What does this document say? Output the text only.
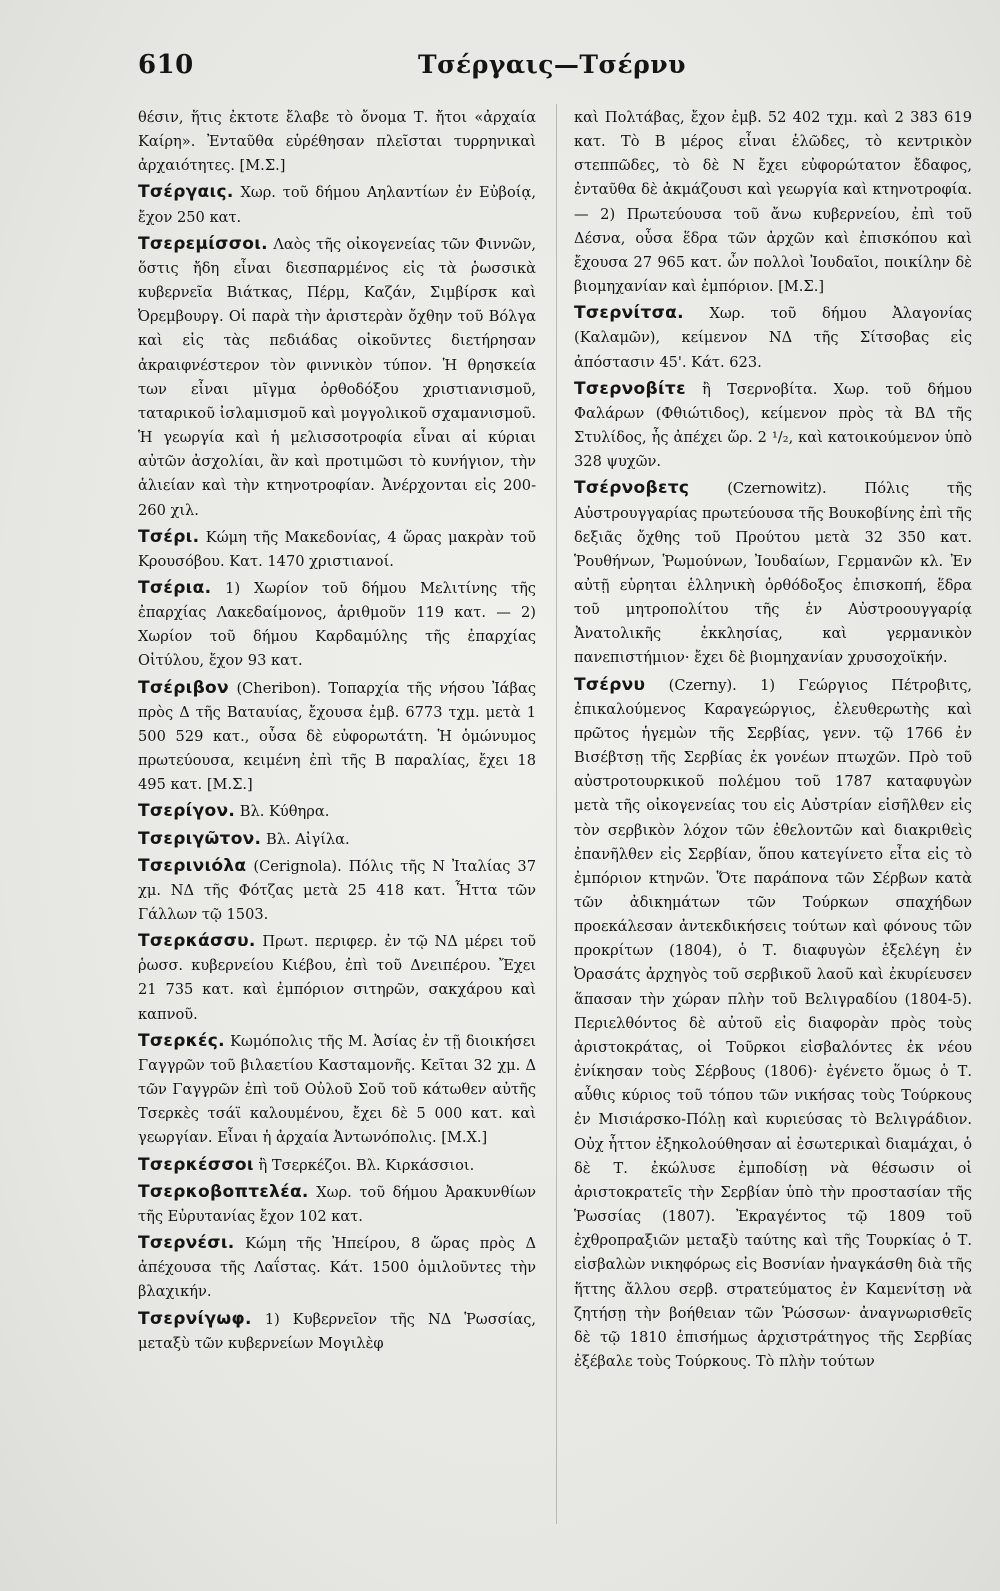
610	Τσέργαις—Τσέρνυ

θέσιν, ἥτις ἐκτοτε ἔλαβε τὸ ὄνομα Τ. ἤτοι «ἀρχαία Καίρη». Ἐνταῦθα εὑρέθησαν πλεῖσται τυρρηνικαὶ ἀρχαιότητες. [Μ.Σ.]

Τσέργαις. Χωρ. τοῦ δήμου Αηλαντίων ἐν Εὐβοίᾳ, ἔχον 250 κατ.

Τσερεμίσσοι. Λαὸς τῆς οἰκογενείας τῶν Φιννῶν, ὅστις ἤδη εἶναι διεσπαρμένος εἰς τὰ ῥωσσικὰ κυβερνεῖα Βιάτκας, Πέρμ, Καζάν, Σιμβίρσκ καὶ Ὀρεμβουργ. Οἱ παρὰ τὴν ἀριστερὰν ὄχθην τοῦ Βόλγα καὶ εἰς τὰς πεδιάδας οἰκοῦντες διετήρησαν ἀκραιφνέστερον τὸν φιννικὸν τύπον. Ἡ θρησκεία των εἶναι μῖγμα ὀρθοδόξου χριστιανισμοῦ, ταταρικοῦ ἰσλαμισμοῦ καὶ μογγολικοῦ σχαμανισμοῦ. Ἡ γεωργία καὶ ἡ μελισσοτροφία εἶναι αἱ κύριαι αὐτῶν ἀσχολίαι, ἂν καὶ προτιμῶσι τὸ κυνήγιον, τὴν ἁλιείαν καὶ τὴν κτηνοτροφίαν. Ἀνέρχονται εἰς 200-260 χιλ.

Τσέρι. Κώμη τῆς Μακεδονίας, 4 ὥρας μακρὰν τοῦ Κρουσόβου. Κατ. 1470 χριστιανοί.

Τσέρια. 1) Χωρίον τοῦ δήμου Μελιτίνης τῆς ἐπαρχίας Λακεδαίμονος, ἀριθμοῦν 119 κατ. — 2) Χωρίον τοῦ δήμου Καρδαμύλης τῆς ἐπαρχίας Οἰτύλου, ἔχον 93 κατ.

Τσέριβον (Cheribon). Τοπαρχία τῆς νήσου Ἰάβας πρὸς Δ τῆς Βαταυίας, ἔχουσα ἐμβ. 6773 τχμ. μετὰ 1 500 529 κατ., οὖσα δὲ εὐφορωτάτη. Ἡ ὁμώνυμος πρωτεύουσα, κειμένη ἐπὶ τῆς Β παραλίας, ἔχει 18 495 κατ. [Μ.Σ.]

Τσερίγον. Βλ. Κύθηρα.

Τσεριγῶτον. Βλ. Αἰγίλα.

Τσερινιόλα (Cerignola). Πόλις τῆς Ν Ἰταλίας 37 χμ. ΝΔ τῆς Φότζας μετὰ 25 418 κατ. Ἧττα τῶν Γάλλων τῷ 1503.

Τσερκάσσυ. Πρωτ. περιφερ. ἐν τῷ ΝΔ μέρει τοῦ ῥωσσ. κυβερνείου Κιέβου, ἐπὶ τοῦ Δνειπέρου. Ἔχει 21 735 κατ. καὶ ἐμπόριον σιτηρῶν, σακχάρου καὶ καπνοῦ.

Τσερκές. Κωμόπολις τῆς Μ. Ἀσίας ἐν τῇ διοικήσει Γαγγρῶν τοῦ βιλαετίου Κασταμονῆς. Κεῖται 32 χμ. Δ τῶν Γαγγρῶν ἐπὶ τοῦ Οὐλοῦ Σοῦ τοῦ κάτωθεν αὐτῆς Τσερκὲς τσάϊ καλουμένου, ἔχει δὲ 5 000 κατ. καὶ γεωργίαν. Εἶναι ἡ ἀρχαία Ἀντωνόπολις. [Μ.Χ.]

Τσερκέσσοι ἢ Τσερκέζοι. Βλ. Κιρκάσσιοι.

Τσερκοβοπτελέα. Χωρ. τοῦ δήμου Ἀρακυνθίων τῆς Εὐρυτανίας ἔχον 102 κατ.

Τσερνέσι. Κώμη τῆς Ἠπείρου, 8 ὥρας πρὸς Δ ἀπέχουσα τῆς Λαΐστας. Κάτ. 1500 ὁμιλοῦντες τὴν βλαχικήν.

Τσερνίγωφ. 1) Κυβερνεῖον τῆς ΝΔ Ῥωσσίας, μεταξὺ τῶν κυβερνείων Μογιλὲφ

καὶ Πολτάβας, ἔχον ἐμβ. 52 402 τχμ. καὶ 2 383 619 κατ. Τὸ Β μέρος εἶναι ἑλῶδες, τὸ κεντρικὸν στεππῶδες, τὸ δὲ Ν ἔχει εὐφορώτατον ἔδαφος, ἐνταῦθα δὲ ἀκμάζουσι καὶ γεωργία καὶ κτηνοτροφία. — 2) Πρωτεύουσα τοῦ ἄνω κυβερνείου, ἐπὶ τοῦ Δέσνα, οὖσα ἕδρα τῶν ἀρχῶν καὶ ἐπισκόπου καὶ ἔχουσα 27 965 κατ. ὧν πολλοὶ Ἰουδαῖοι, ποικίλην δὲ βιομηχανίαν καὶ ἐμπόριον. [Μ.Σ.]

Τσερνίτσα. Χωρ. τοῦ δήμου Ἀλαγονίας (Καλαμῶν), κείμενον ΝΔ τῆς Σίτσοβας εἰς ἀπόστασιν 45'. Κάτ. 623.

Τσερνοβίτε ἢ Τσερνοβίτα. Χωρ. τοῦ δήμου Φαλάρων (Φθιώτιδος), κείμενον πρὸς τὰ ΒΔ τῆς Στυλίδος, ἧς ἀπέχει ὥρ. 2 ¹/₂, καὶ κατοικούμενον ὑπὸ 328 ψυχῶν.

Τσέρνοβετς	(Czernowitz). Πόλις τῆς Αὐστρουγγαρίας πρωτεύουσα τῆς Βουκοβίνης ἐπὶ τῆς δεξιᾶς ὄχθης τοῦ Προύτου μετὰ 32 350 κατ. Ῥουθήνων, Ῥωμούνων, Ἰουδαίων, Γερμανῶν κλ. Ἐν αὐτῇ εὑρηται ἑλληνικὴ ὀρθόδοξος ἐπισκοπή, ἕδρα τοῦ μητροπολίτου τῆς ἐν Αὐστροουγγαρίᾳ Ἀνατολικῆς ἐκκλησίας, καὶ γερμανικὸν πανεπιστήμιον· ἔχει δὲ βιομηχανίαν χρυσοχοϊκήν.

Τσέρνυ (Czerny). 1) Γεώργιος Πέτροβιτς, ἐπικαλούμενος Καραγεώργιος, ἐλευθερωτὴς καὶ πρῶτος ἡγεμὼν τῆς Σερβίας, γενν. τῷ 1766 ἐν Βισέβτσῃ τῆς Σερβίας ἐκ γονέων πτωχῶν. Πρὸ τοῦ αὐστροτουρκικοῦ πολέμου τοῦ 1787 καταφυγὼν μετὰ τῆς οἰκογενείας του εἰς Αὐστρίαν εἰσῆλθεν εἰς τὸν σερβικὸν λόχον τῶν ἐθελοντῶν καὶ διακριθεὶς ἐπανῆλθεν εἰς Σερβίαν, ὅπου κατεγίνετο εἶτα εἰς τὸ ἐμπόριον κτηνῶν. Ὅτε παράπονα τῶν Σέρβων κατὰ τῶν ἀδικημάτων τῶν Τούρκων σπαχήδων προεκάλεσαν ἀντεκδικήσεις τούτων καὶ φόνους τῶν προκρίτων (1804), ὁ Τ. διαφυγὼν ἐξελέγη ἐν Ὀρασάτς ἀρχηγὸς τοῦ σερβικοῦ λαοῦ καὶ ἐκυρίευσεν ἅπασαν τὴν χώραν πλὴν τοῦ Βελιγραδίου (1804-5). Περιελθόντος δὲ αὐτοῦ εἰς διαφορὰν πρὸς τοὺς ἀριστοκράτας, οἱ Τοῦρκοι εἰσβαλόντες ἐκ νέου ἐνίκησαν τοὺς Σέρβους (1806)· ἐγένετο ὅμως ὁ Τ. αὖθις κύριος τοῦ τόπου τῶν νικήσας τοὺς Τούρκους ἐν Μισιάρσκο-Πόλῃ καὶ κυριεύσας τὸ Βελιγράδιον. Οὐχ ἧττον ἐξηκολούθησαν αἱ ἐσωτερικαὶ διαμάχαι, ὁ δὲ Τ. ἐκώλυσε ἐμποδίσῃ νὰ θέσωσιν οἱ ἀριστοκρατεῖς τὴν Σερβίαν ὑπὸ τὴν προστασίαν τῆς Ῥωσσίας (1807). Ἐκραγέντος τῷ 1809 τοῦ ἐχθροπραξιῶν μεταξὺ ταύτης καὶ τῆς Τουρκίας ὁ Τ. εἰσβαλὼν νικηφόρως εἰς Βοσνίαν ἠναγκάσθη διὰ τῆς ἥττης ἄλλου σερβ. στρατεύματος ἐν Καμενίτσῃ νὰ ζητήσῃ τὴν βοήθειαν τῶν Ῥώσσων· ἀναγνωρισθεῖς δὲ τῷ 1810 ἐπισήμως ἀρχιστράτηγος τῆς Σερβίας ἐξέβαλε τοὺς Τούρκους. Τὸ πλὴν τούτων
